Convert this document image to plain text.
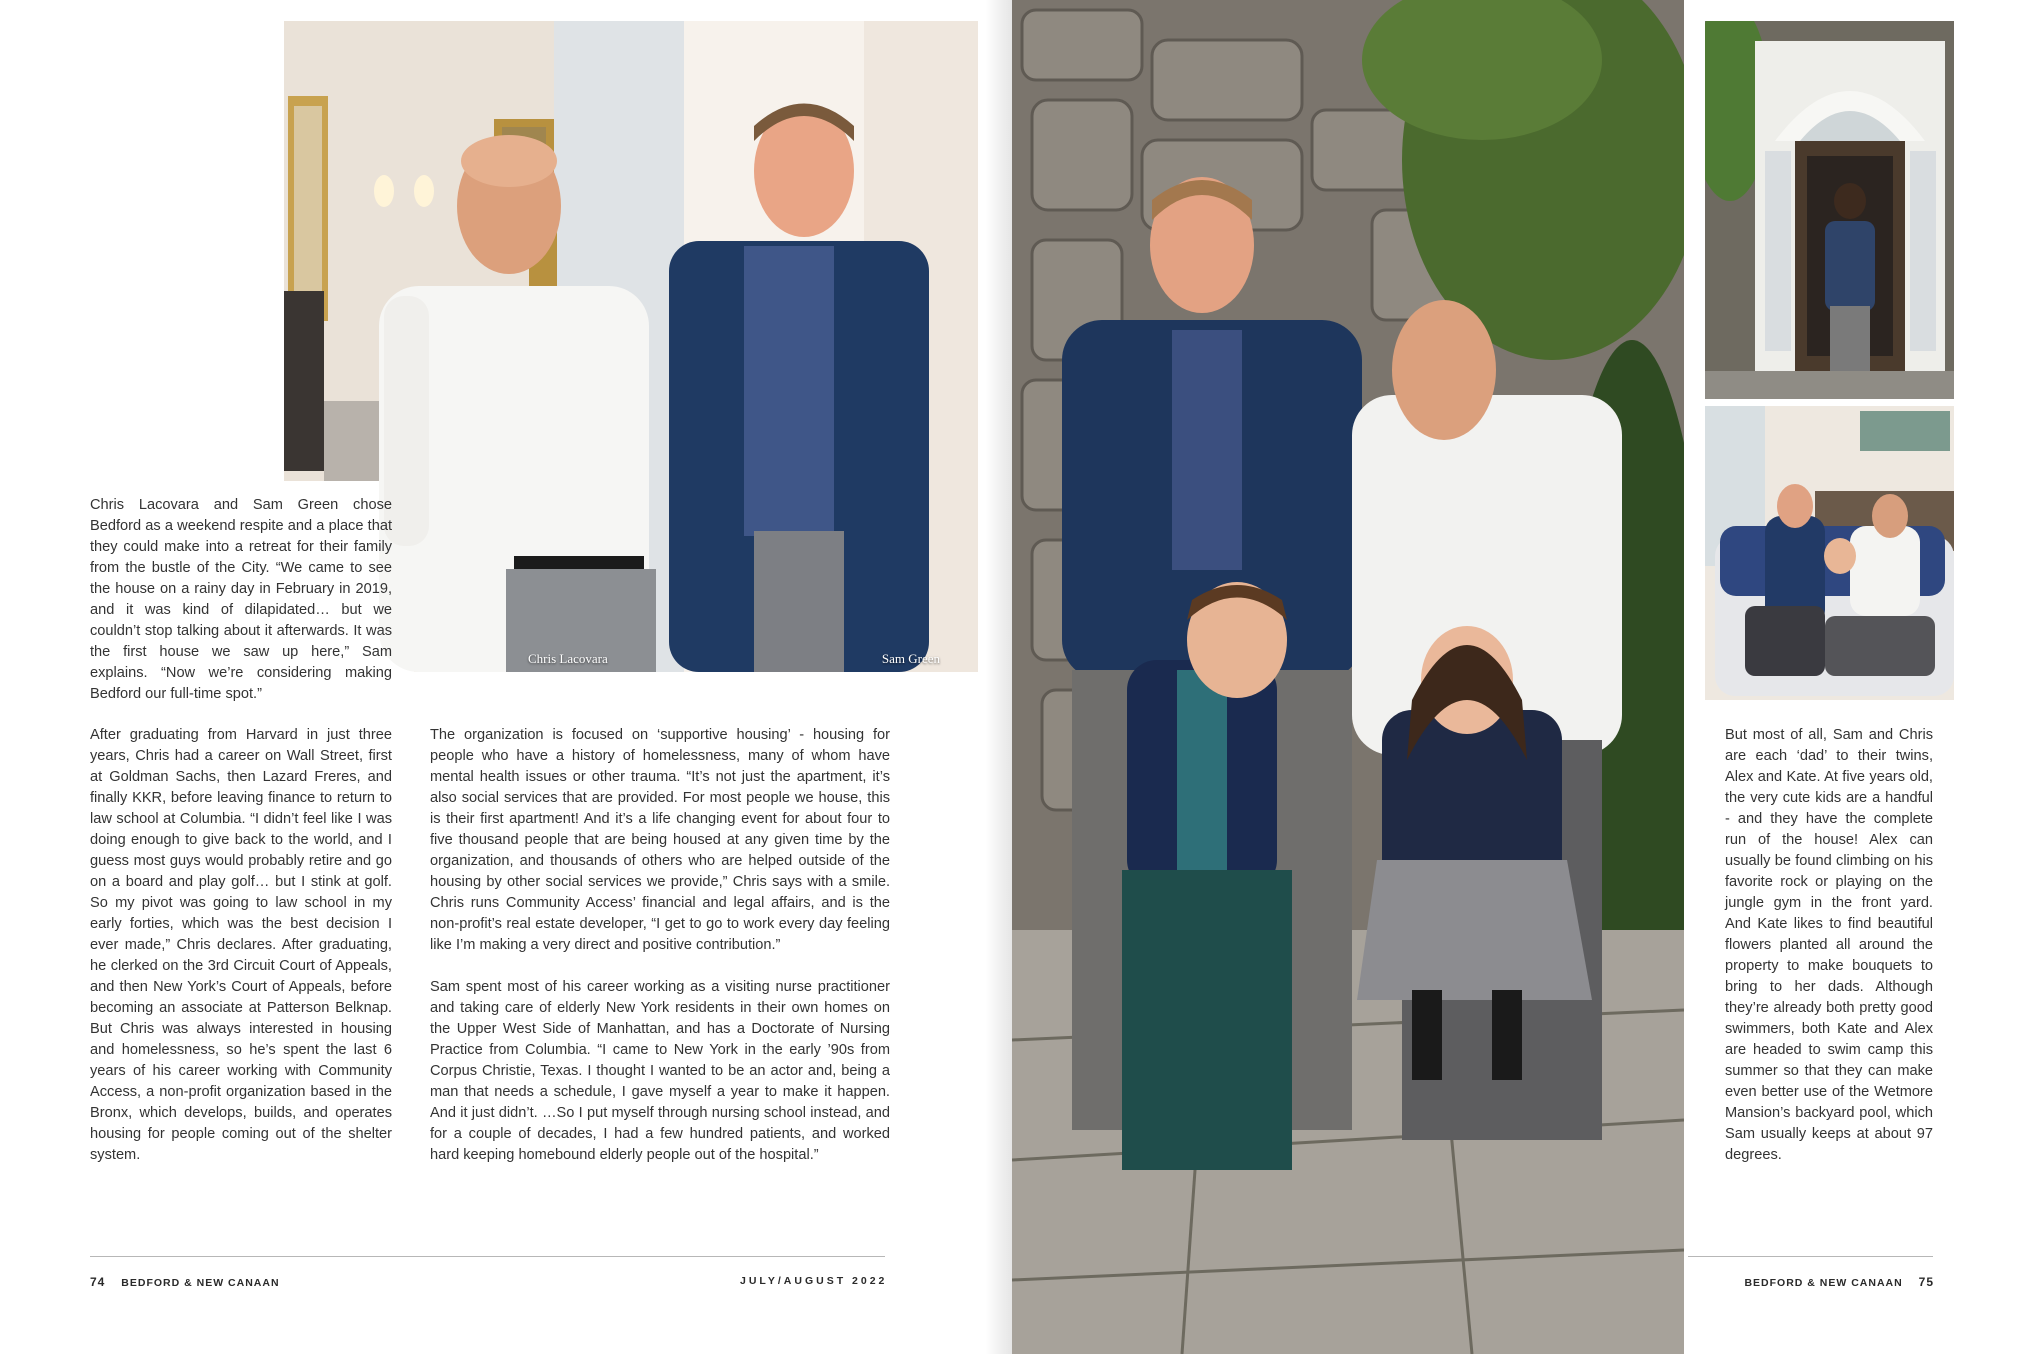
Chris Lacovara	Sam Green

Chris Lacovara and Sam Green chose Bedford as a weekend respite and a place that they could make into a retreat for their family from the bustle of the City. “We came to see the house on a rainy day in February in 2019, and it was kind of dilapidated… but we couldn’t stop talking about it afterwards. It was the first house we saw up here,” Sam explains. “Now we’re considering making Bedford our full-time spot.”

After graduating from Harvard in just three years, Chris had a career on Wall Street, first at Goldman Sachs, then Lazard Freres, and finally KKR, before leaving finance to return to law school at Columbia. “I didn’t feel like I was doing enough to give back to the world, and I guess most guys would probably retire and go on a board and play golf… but I stink at golf. So my pivot was going to law school in my early forties, which was the best decision I ever made,” Chris declares. After graduating, he clerked on the 3rd Circuit Court of Appeals, and then New York’s Court of Appeals, before becoming an associate at Patterson Belknap. But Chris was always interested in housing and homelessness, so he’s spent the last 6 years of his career working with Community Access, a non-profit organization based in the Bronx, which develops, builds, and operates housing for people coming out of the shelter system.

The organization is focused on ‘supportive housing’ - housing for people who have a history of homelessness, many of whom have mental health issues or other trauma. “It’s not just the apartment, it’s also social services that are provided. For most people we house, this is their first apartment! And it’s a life changing event for about four to five thousand people that are being housed at any given time by the organization, and thousands of others who are helped outside of the housing by other social services we provide,” Chris says with a smile. Chris runs Community Access’ financial and legal affairs, and is the non-profit’s real estate developer, “I get to go to work every day feeling like I’m making a very direct and positive contribution.”

Sam spent most of his career working as a visiting nurse practitioner and taking care of elderly New York residents in their own homes on the Upper West Side of Manhattan, and has a Doctorate of Nursing Practice from Columbia. “I came to New York in the early ’90s from Corpus Christie, Texas. I thought I wanted to be an actor and, being a man that needs a schedule, I gave myself a year to make it happen. And it just didn’t. …So I put myself through nursing school instead, and for a couple of decades, I had a few hundred patients, and worked hard keeping homebound elderly people out of the hospital.”

But most of all, Sam and Chris are each ‘dad’ to their twins, Alex and Kate. At five years old, the very cute kids are a handful - and they have the complete run of the house! Alex can usually be found climbing on his favorite rock or playing on the jungle gym in the front yard. And Kate likes to find beautiful flowers planted all around the property to make bouquets to bring to her dads. Although they’re already both pretty good swimmers, both Kate and Alex are headed to swim camp this summer so that they can make even better use of the Wetmore Mansion’s backyard pool, which Sam usually keeps at about 97 degrees.

74 BEDFORD & NEW CANAAN	JULY/AUGUST 2022	BEDFORD & NEW CANAAN 75
